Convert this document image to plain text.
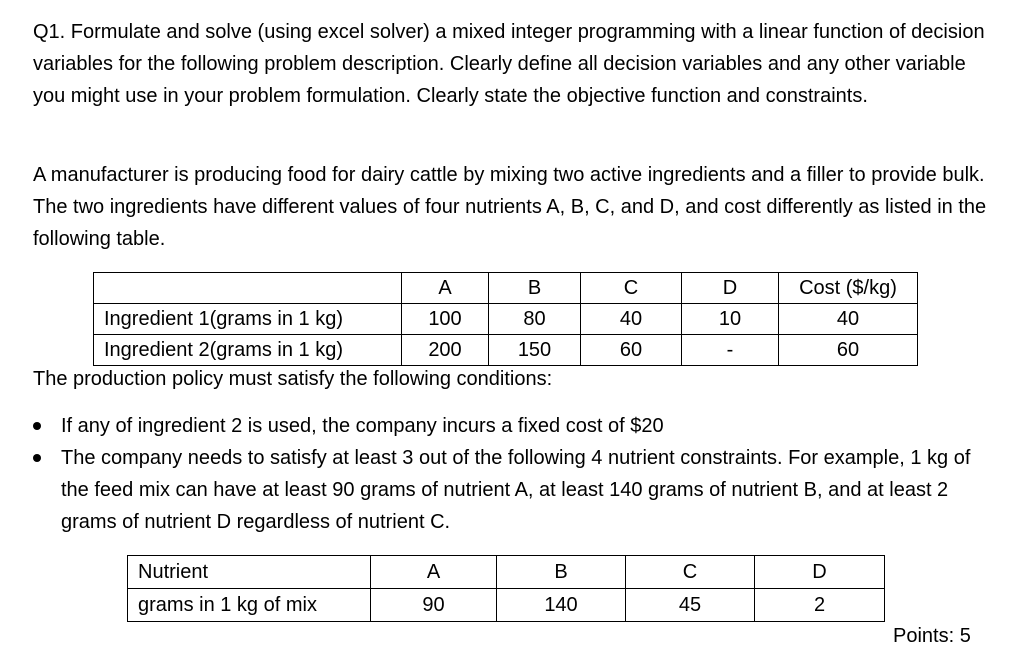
Q1. Formulate and solve (using excel solver) a mixed integer programming with a linear function of decision variables for the following problem description. Clearly define all decision variables and any other variable you might use in your problem formulation. Clearly state the objective function and constraints.

A manufacturer is producing food for dairy cattle by mixing two active ingredients and a filler to provide bulk. The two ingredients have different values of four nutrients A, B, C, and D, and cost differently as listed in the following table.

	A	B	C	D	Cost ($/kg)
Ingredient 1(grams in 1 kg)	100	80	40	10	40
Ingredient 2(grams in 1 kg)	200	150	60	-	60

The production policy must satisfy the following conditions:

If any of ingredient 2 is used, the company incurs a fixed cost of $20
The company needs to satisfy at least 3 out of the following 4 nutrient constraints. For example, 1 kg of the feed mix can have at least 90 grams of nutrient A, at least 140 grams of nutrient B, and at least 2 grams of nutrient D regardless of nutrient C.
Nutrient	A	B	C	D
grams in 1 kg of mix	90	140	45	2
Points: 5
